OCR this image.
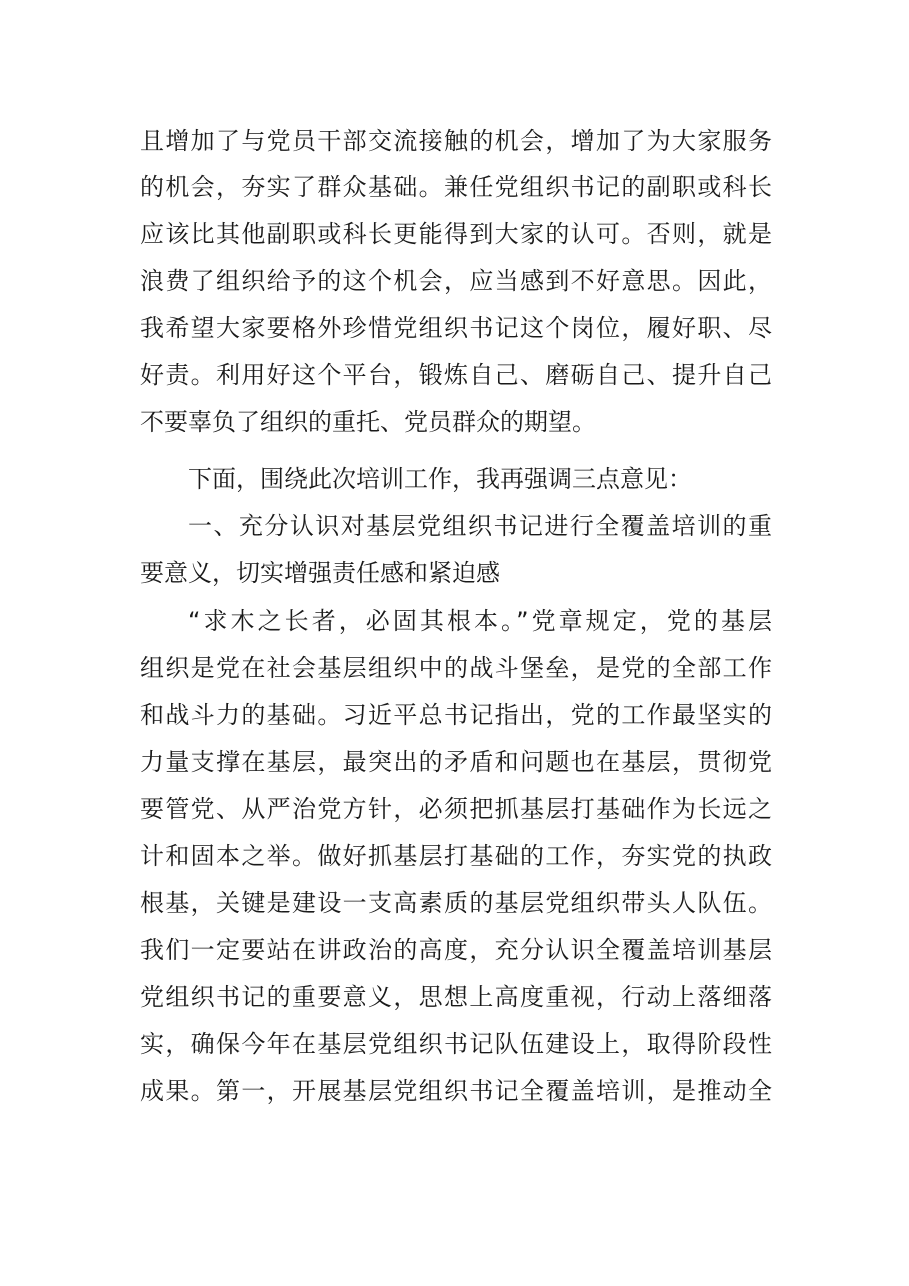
且增加了与党员干部交流接触的机会，增加了为大家服务
的机会，夯实了群众基础。兼任党组织书记的副职或科长
应该比其他副职或科长更能得到大家的认可。否则，就是
浪费了组织给予的这个机会，应当感到不好意思。因此，
我希望大家要格外珍惜党组织书记这个岗位，履好职、尽
好责。利用好这个平台，锻炼自己、磨砺自己、提升自己
不要辜负了组织的重托、党员群众的期望。
下面，围绕此次培训工作，我再强调三点意见：
一、充分认识对基层党组织书记进行全覆盖培训的重
要意义，切实增强责任感和紧迫感
“求木之长者，必固其根本。”党章规定，党的基层
组织是党在社会基层组织中的战斗堡垒，是党的全部工作
和战斗力的基础。习近平总书记指出，党的工作最坚实的
力量支撑在基层，最突出的矛盾和问题也在基层，贯彻党
要管党、从严治党方针，必须把抓基层打基础作为长远之
计和固本之举。做好抓基层打基础的工作，夯实党的执政
根基，关键是建设一支高素质的基层党组织带头人队伍。
我们一定要站在讲政治的高度，充分认识全覆盖培训基层
党组织书记的重要意义，思想上高度重视，行动上落细落
实，确保今年在基层党组织书记队伍建设上，取得阶段性
成果。第一，开展基层党组织书记全覆盖培训，是推动全
